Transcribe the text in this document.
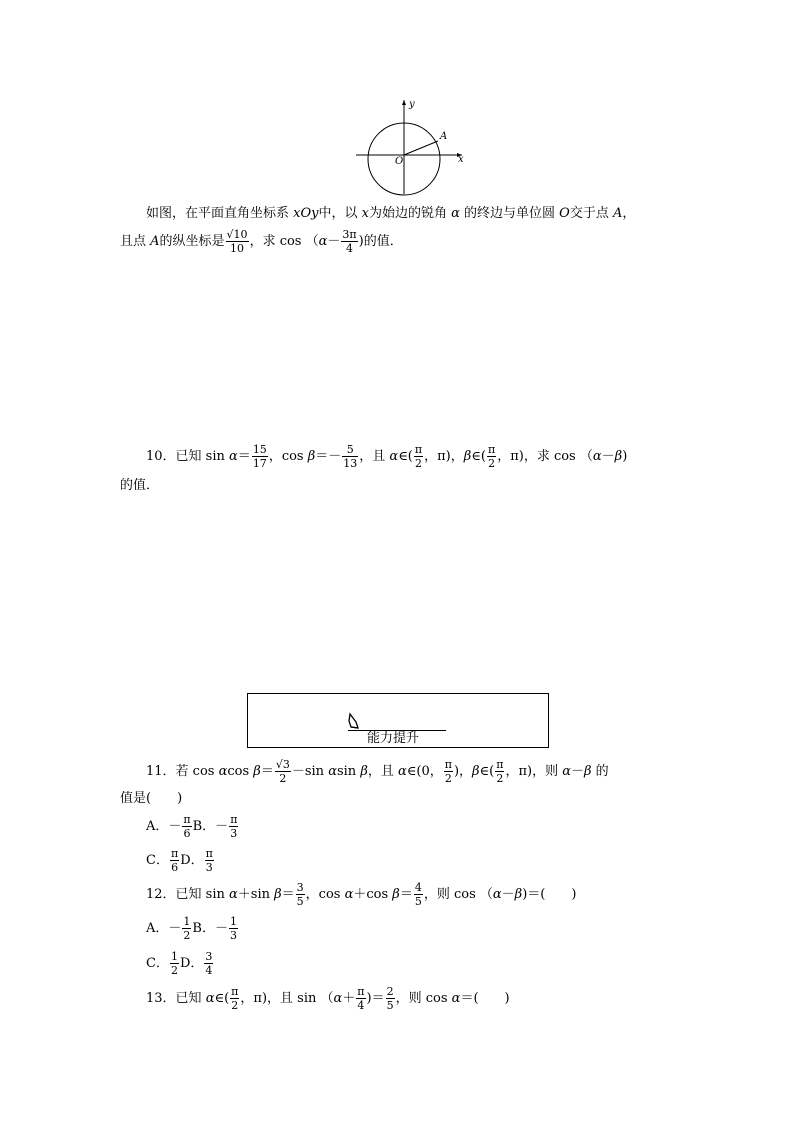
y
x
O
A
如图，在平面直角坐标系 xOy中，以 x为始边的锐角 α 的终边与单位圆 O交于点 A，
且点 A的纵坐标是 $\frac{√10}{10}$ ，求 $\cos (\alpha- \frac{3\pi}{4}$ )的值．
10．已知 $\sin \alpha= \frac{15}{17}$ ，$\cos \beta=- \frac{5}{13}$ ，且 α∈( $\frac{\pi}{2}$ ，π)，β∈( $\frac{\pi}{2}$ ，π)，求 cos （α－β)
的值．
能力提升
11．若 cos αcos $\beta= \frac{√3}{2} -\sin$ αsin β，且 α∈(0， $\frac{\pi}{2}$ )，β∈( $\frac{\pi}{2}$ ，π)，则 α－β 的
值是(　　)
A．－ $\frac{\pi}{6}$ B．－ $\frac{\pi}{3}$
C． $\frac{\pi}{6}$ D． $\frac{\pi}{3}$
12．已知 sin α＋sin $\beta= \frac{3}{5}$ ，cos α＋cos $\beta= \frac{4}{5}$ ，则 cos （α－β)＝(　　)
A．－ $\frac{1}{2}$ B．－ $\frac{1}{3}$
C． $\frac{1}{2}$ D． $\frac{3}{4}$
13．已知 α∈( $\frac{\pi}{2}$ ，π)，且 $\sin (\alpha+ \frac{\pi}{4}$ )＝ $\frac{2}{5}$ ，则 cos α＝(　　)
